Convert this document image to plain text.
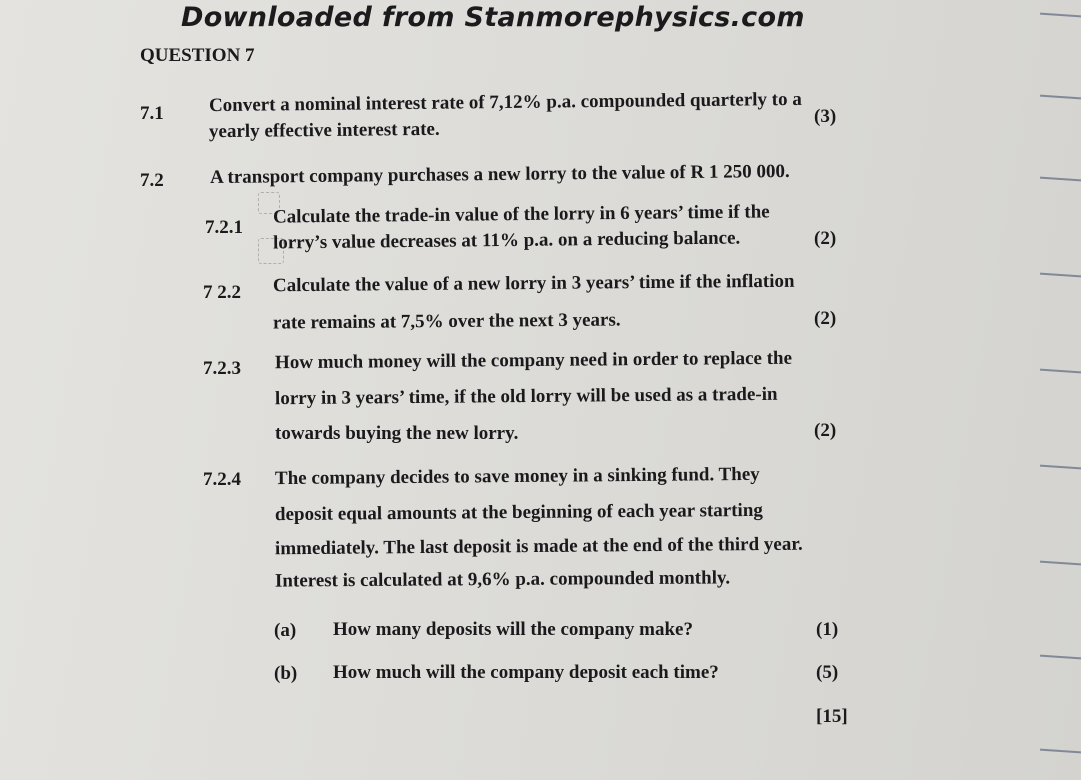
Downloaded from Stanmorephysics.com
QUESTION 7
7.1 Convert a nominal interest rate of 7,12% p.a. compounded quarterly to a
yearly effective interest rate.
(3)
7.2 A transport company purchases a new lorry to the value of R 1 250 000.
7.2.1 Calculate the trade-in value of the lorry in 6 years’ time if the
lorry’s value decreases at 11% p.a. on a reducing balance.	(2)
7 2.2 Calculate the value of a new lorry in 3 years’ time if the inflation
rate remains at 7,5% over the next 3 years.	(2)
7.2.3 How much money will the company need in order to replace the
lorry in 3 years’ time, if the old lorry will be used as a trade-in
towards buying the new lorry.	(2)
7.2.4 The company decides to save money in a sinking fund. They
deposit equal amounts at the beginning of each year starting
immediately. The last deposit is made at the end of the third year.
Interest is calculated at 9,6% p.a. compounded monthly.
(a) How many deposits will the company make?	(1)
(b) How much will the company deposit each time?	(5)
[15]
